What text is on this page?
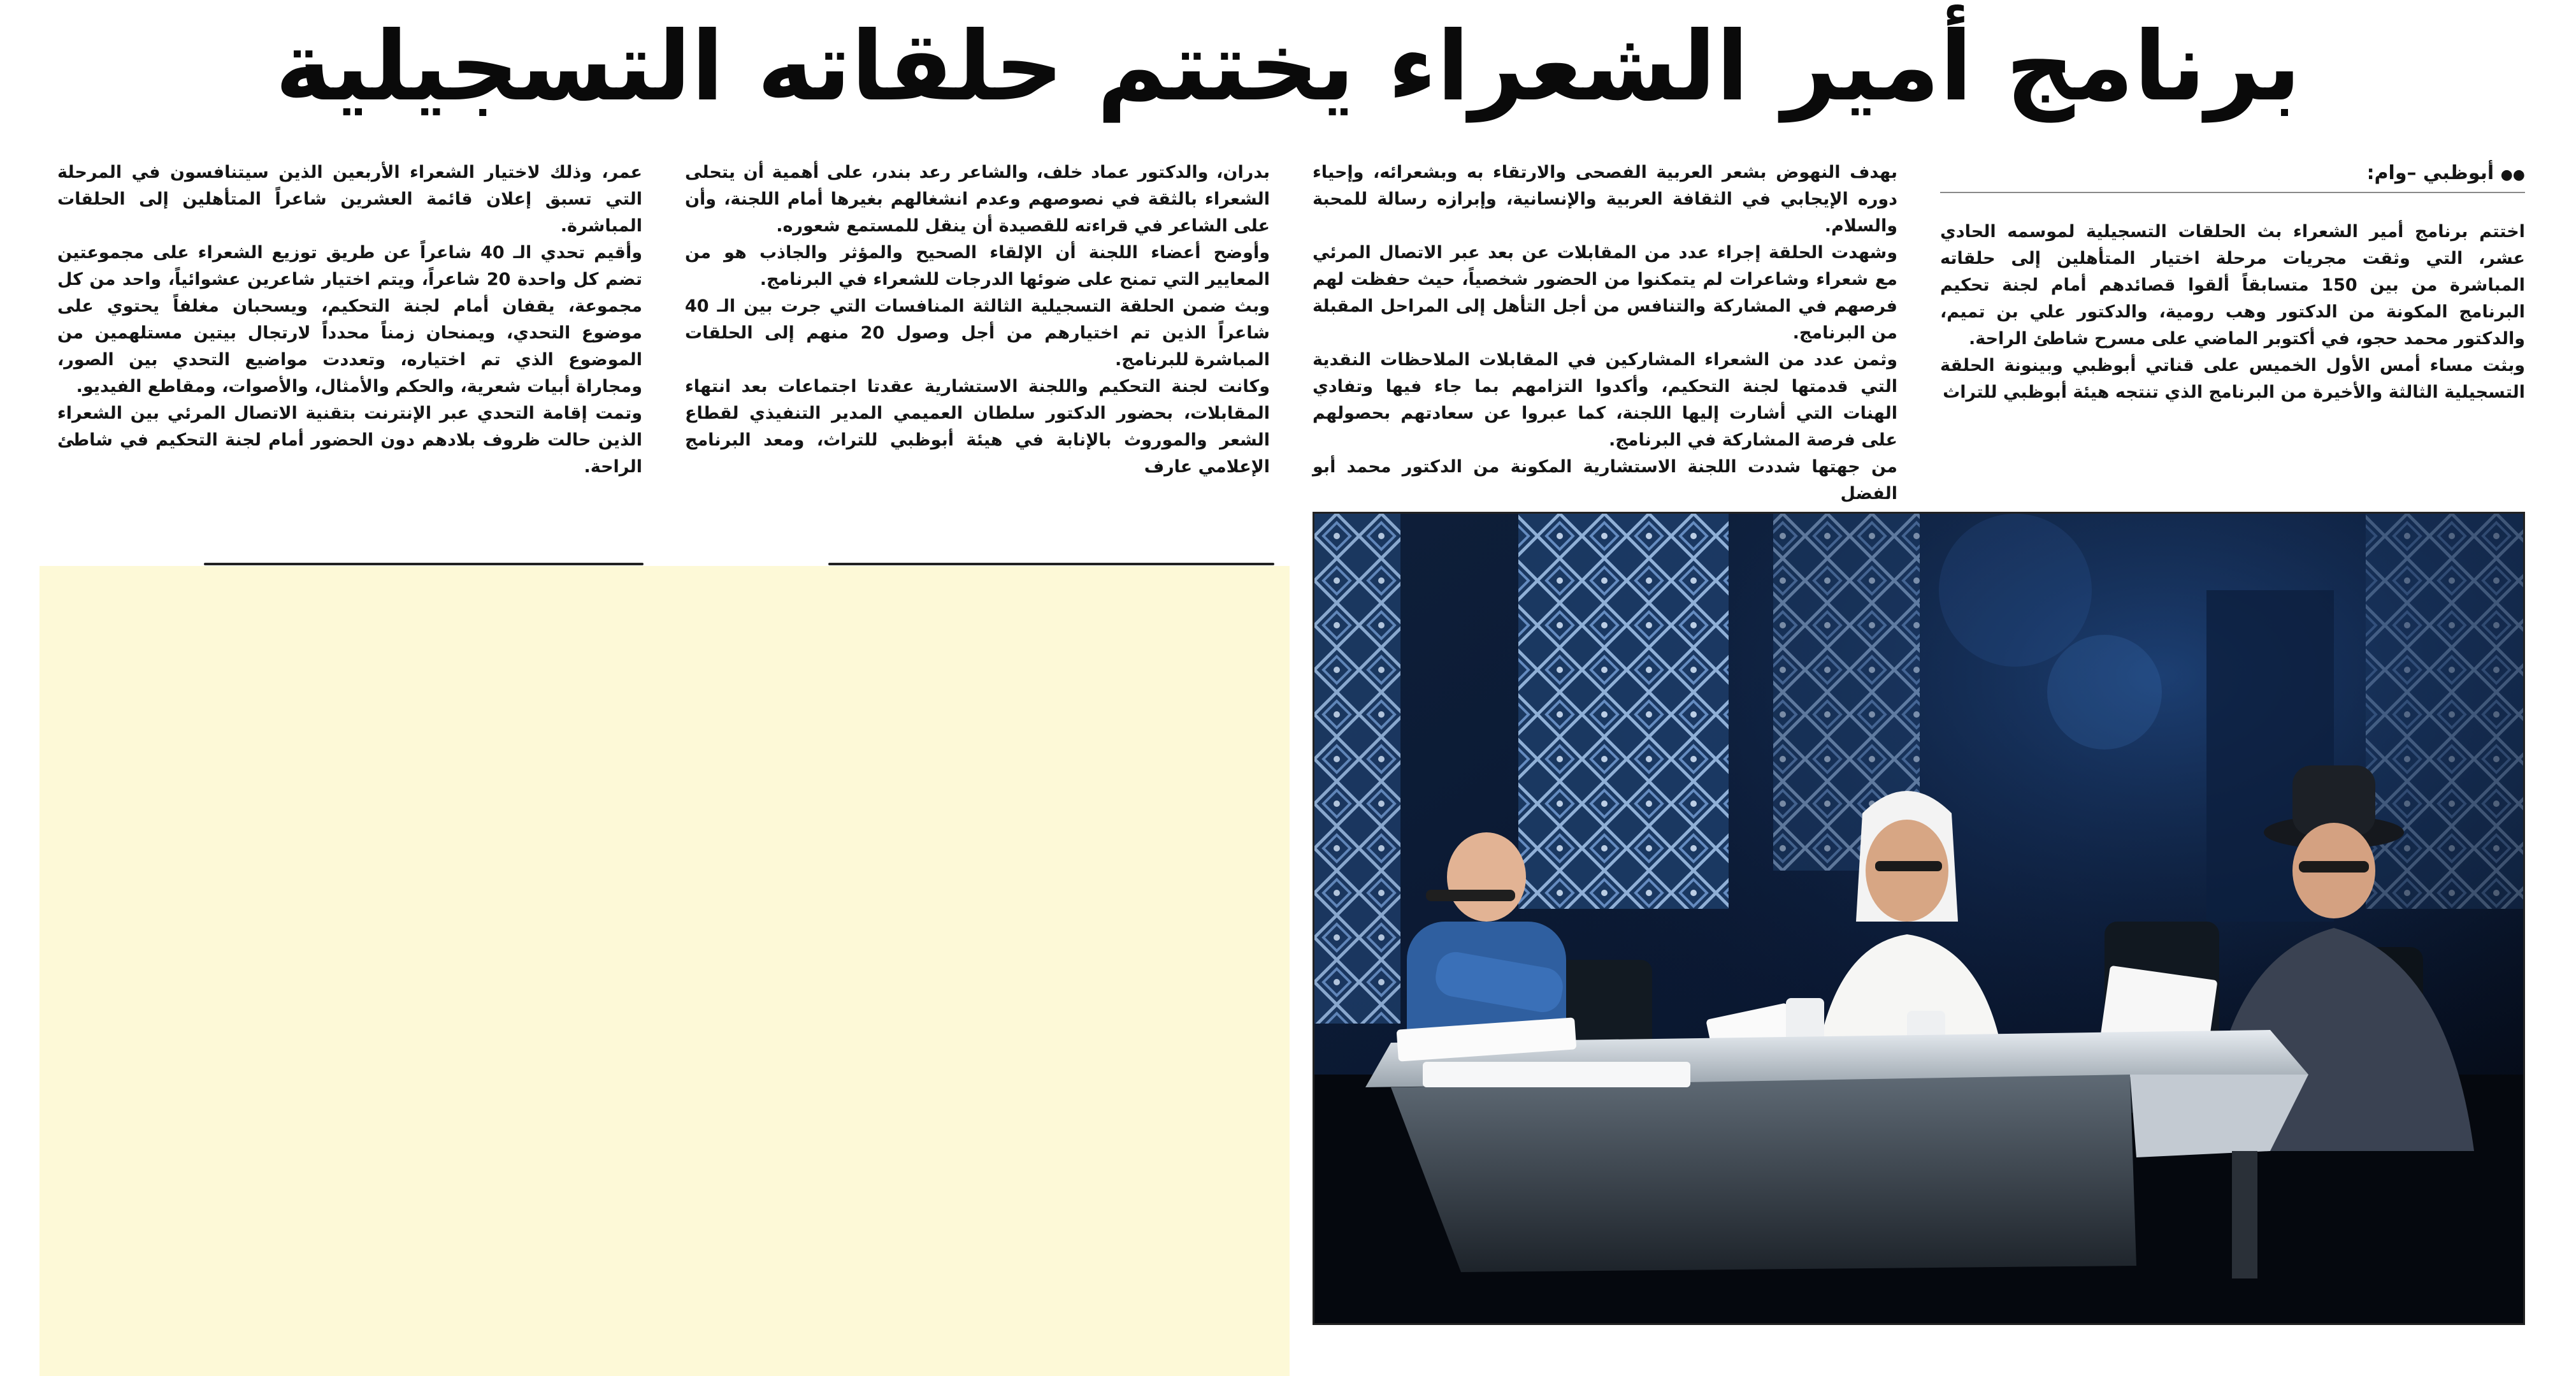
برنامج أمير الشعراء يختتم حلقاته التسجيلية
●● أبوظبي –وام:

اختتم برنامج أمير الشعراء بث الحلقات التسجيلية لموسمه الحادي عشر، التي وثقت مجريات مرحلة اختيار المتأهلين إلى حلقاته المباشرة من بين 150 متسابقاً ألقوا قصائدهم أمام لجنة تحكيم البرنامج المكونة من الدكتور وهب رومية، والدكتور علي بن تميم، والدكتور محمد حجو، في أكتوبر الماضي على مسرح شاطئ الراحة.

وبثت مساء أمس الأول الخميس على قناتي أبوظبي وبينونة الحلقة التسجيلية الثالثة والأخيرة من البرنامج الذي تنتجه هيئة أبوظبي للتراث

بهدف النهوض بشعر العربية الفصحى والارتقاء به وبشعرائه، وإحياء دوره الإيجابي في الثقافة العربية والإنسانية، وإبرازه رسالة للمحبة والسلام.

وشهدت الحلقة إجراء عدد من المقابلات عن بعد عبر الاتصال المرئي مع شعراء وشاعرات لم يتمكنوا من الحضور شخصياً، حيث حفظت لهم فرصهم في المشاركة والتنافس من أجل التأهل إلى المراحل المقبلة من البرنامج.

وثمن عدد من الشعراء المشاركين في المقابلات الملاحظات النقدية التي قدمتها لجنة التحكيم، وأكدوا التزامهم بما جاء فيها وتفادي الهنات التي أشارت إليها اللجنة، كما عبروا عن سعادتهم بحصولهم على فرصة المشاركة في البرنامج.

من جهتها شددت اللجنة الاستشارية المكونة من الدكتور محمد أبو الفضل

بدران، والدكتور عماد خلف، والشاعر رعد بندر، على أهمية أن يتحلى الشعراء بالثقة في نصوصهم وعدم انشغالهم بغيرها أمام اللجنة، وأن على الشاعر في قراءته للقصيدة أن ينقل للمستمع شعوره.

وأوضح أعضاء اللجنة أن الإلقاء الصحيح والمؤثر والجاذب هو من المعايير التي تمنح على ضوئها الدرجات للشعراء في البرنامج.

وبث ضمن الحلقة التسجيلية الثالثة المنافسات التي جرت بين الـ 40 شاعراً الذين تم اختيارهم من أجل وصول 20 منهم إلى الحلقات المباشرة للبرنامج.

وكانت لجنة التحكيم واللجنة الاستشارية عقدتا اجتماعات بعد انتهاء المقابلات، بحضور الدكتور سلطان العميمي المدير التنفيذي لقطاع الشعر والموروث بالإنابة في هيئة أبوظبي للتراث، ومعد البرنامج الإعلامي عارف

عمر، وذلك لاختيار الشعراء الأربعين الذين سيتنافسون في المرحلة التي تسبق إعلان قائمة العشرين شاعراً المتأهلين إلى الحلقات المباشرة.

وأقيم تحدي الـ 40 شاعراً عن طريق توزيع الشعراء على مجموعتين تضم كل واحدة 20 شاعراً، ويتم اختيار شاعرين عشوائياً، واحد من كل مجموعة، يقفان أمام لجنة التحكيم، ويسحبان مغلفاً يحتوي على موضوع التحدي، ويمنحان زمناً محدداً لارتجال بيتين مستلهمين من الموضوع الذي تم اختياره، وتعددت مواضيع التحدي بين الصور، ومجاراة أبيات شعرية، والحكم والأمثال، والأصوات، ومقاطع الفيديو.

وتمت إقامة التحدي عبر الإنترنت بتقنية الاتصال المرئي بين الشعراء الذين حالت ظروف بلادهم دون الحضور أمام لجنة التحكيم في شاطئ الراحة.
